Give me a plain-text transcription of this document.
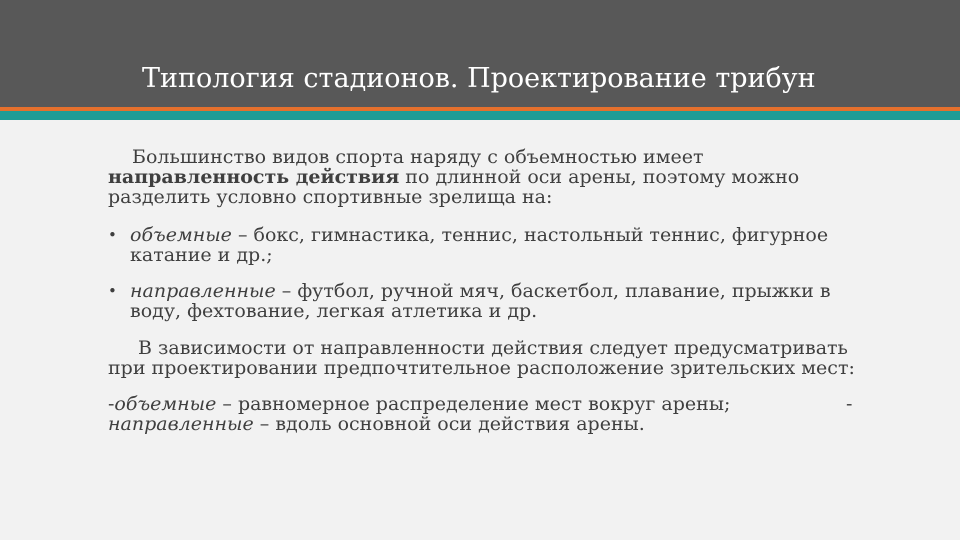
Типология стадионов. Проектирование трибун

Большинство видов спорта наряду с объемностью имеет
направленность действия по длинной оси арены, поэтому можно разделить условно спортивные зрелища на:

• объемные – бокс, гимнастика, теннис, настольный теннис, фигурное катание и др.;
• направленные – футбол, ручной мяч, баскетбол, плавание, прыжки в воду, фехтование, легкая атлетика и др.

В зависимости от направленности действия следует предусматривать при проектировании предпочтительное расположение зрительских мест:

-объемные – равномерное распределение мест вокруг арены;	-

направленные – вдоль основной оси действия арены.
